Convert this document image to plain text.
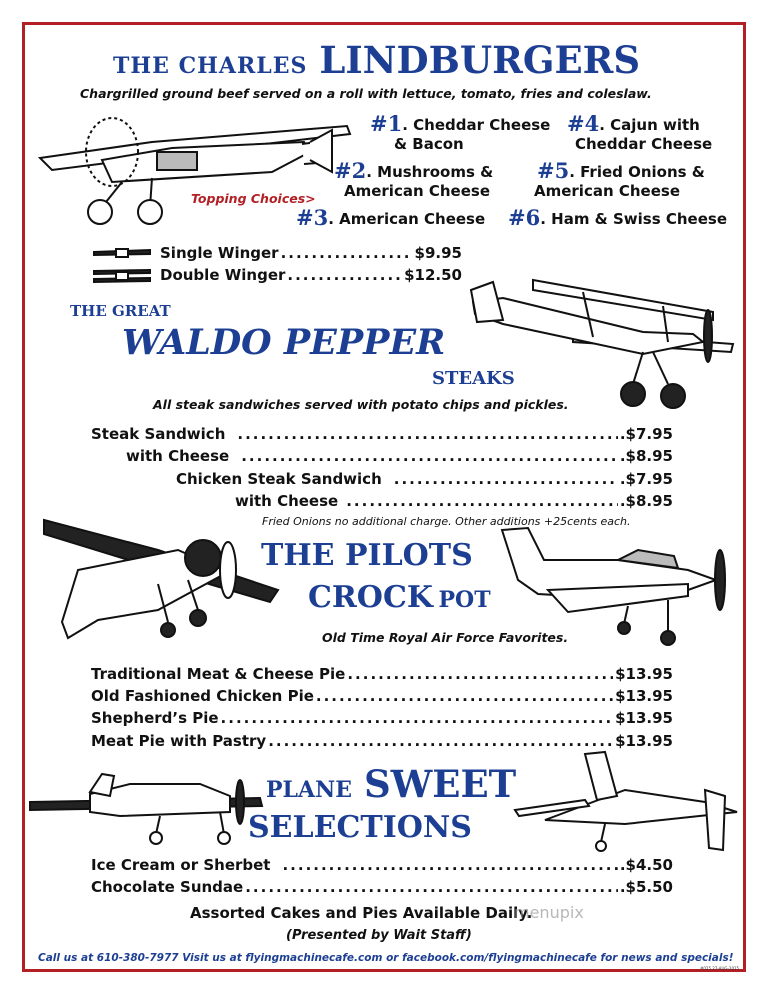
THE CHARLES LINDBURGERS
Chargrilled ground beef served on a roll with lettuce, tomato, fries and coleslaw.
Topping Choices>
#1. Cheddar Cheese
& Bacon
#4. Cajun with
Cheddar Cheese
#2. Mushrooms &
American Cheese
#5. Fried Onions &
American Cheese
#3. American Cheese #6. Ham & Swiss Cheese
Single Winger .....	$9.95
Double Winger .....	$12.50
THE GREAT
WALDO PEPPER
STEAKS
All steak sandwiches served with potato chips and pickles.
Steak Sandwich .....	.$7.95
with Cheese .....	.$8.95
Chicken Steak Sandwich .....	.$7.95
with Cheese .....	.$8.95
Fried Onions no additional charge. Other additions +25cents each.
THE PILOTS
CROCK POT
Old Time Royal Air Force Favorites.
Traditional Meat & Cheese Pie .....	$13.95
Old Fashioned Chicken Pie .....	$13.95
Shepherd’s Pie .....	$13.95
Meat Pie with Pastry .....	$13.95
PLANE SWEET
SELECTIONS
Ice Cream or Sherbet .....	.$4.50
Chocolate Sundae .....	.$5.50
Assorted Cakes and Pies Available Daily.
(Presented by Wait Staff)
menupix
Call us at 610-380-7977 Visit us at flyingmachinecafe.com or facebook.com/flyingmachinecafe for news and specials!
#025 27-AUG-2015
